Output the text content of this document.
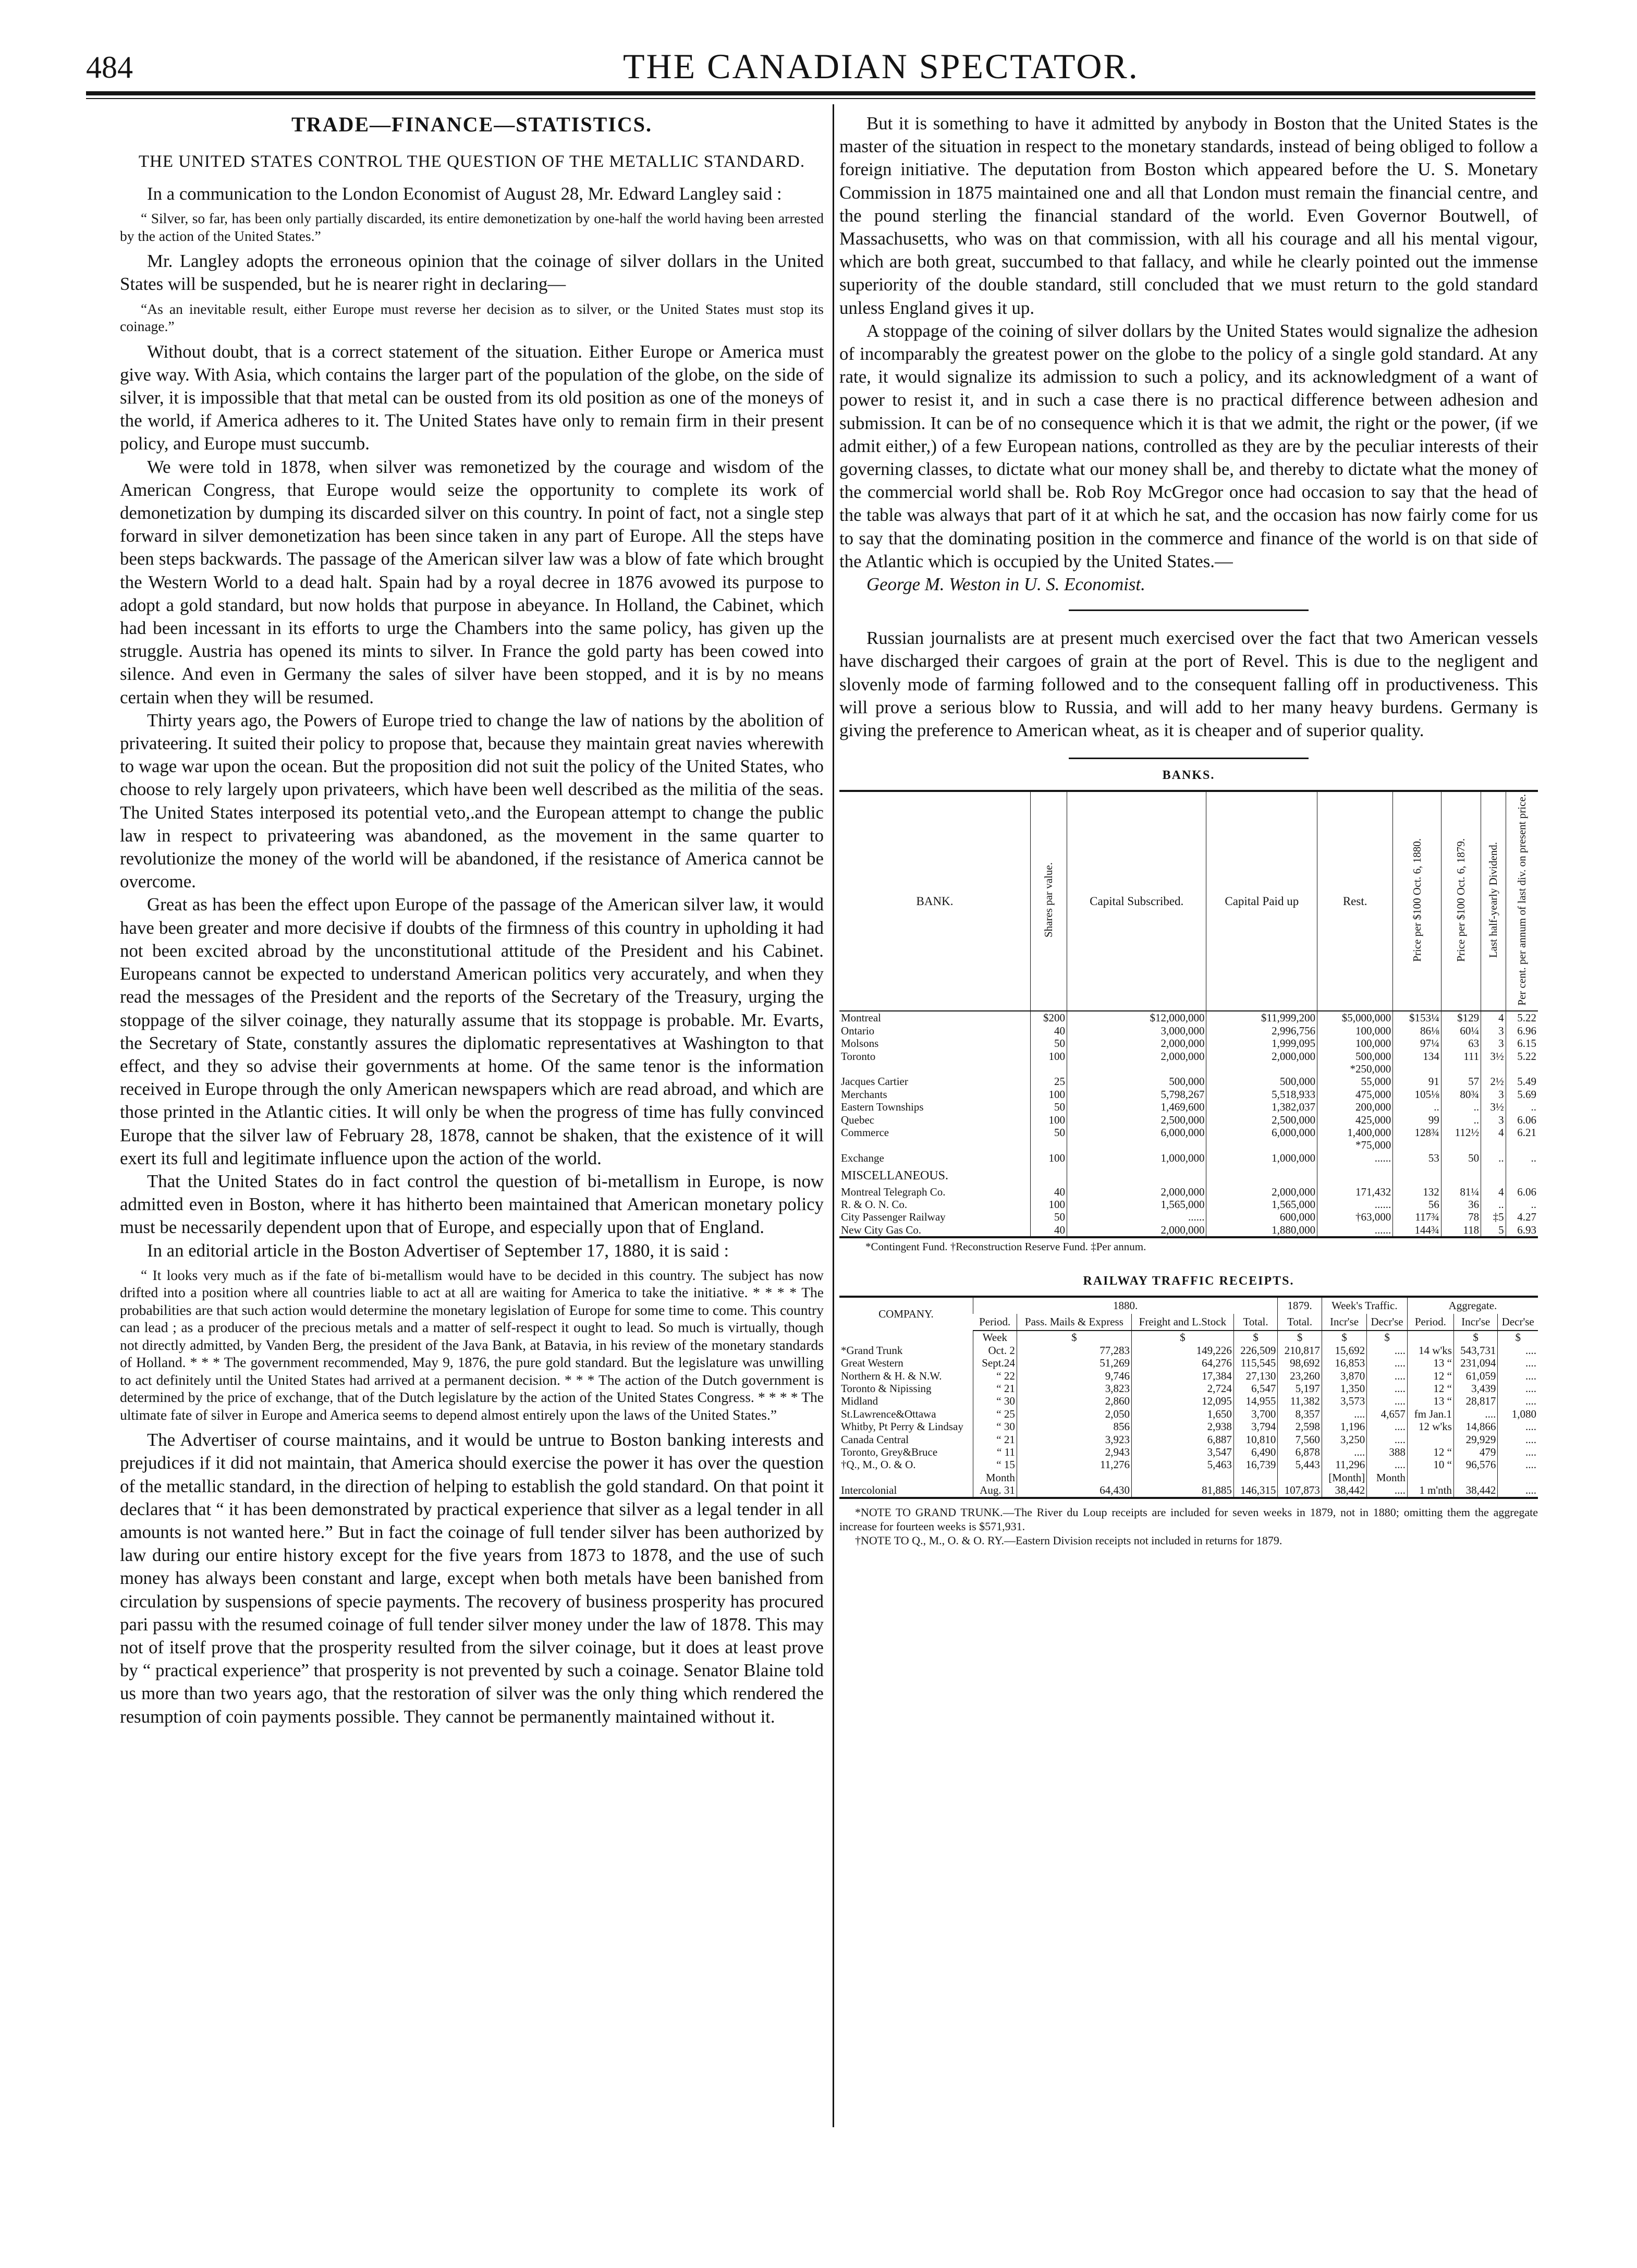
484	THE CANADIAN SPECTATOR.
TRADE—FINANCE—STATISTICS.
THE UNITED STATES CONTROL THE QUESTION OF THE METALLIC STANDARD.

In a communication to the London Economist of August 28, Mr. Edward Langley said :

“ Silver, so far, has been only partially discarded, its entire demonetization by one-half the world having been arrested by the action of the United States.”

Mr. Langley adopts the erroneous opinion that the coinage of silver dollars in the United States will be suspended, but he is nearer right in declaring—

“As an inevitable result, either Europe must reverse her decision as to silver, or the United States must stop its coinage.”

Without doubt, that is a correct statement of the situation. Either Europe or America must give way. With Asia, which contains the larger part of the population of the globe, on the side of silver, it is impossible that that metal can be ousted from its old position as one of the moneys of the world, if America adheres to it. The United States have only to remain firm in their present policy, and Europe must succumb.

We were told in 1878, when silver was remonetized by the courage and wisdom of the American Congress, that Europe would seize the opportunity to complete its work of demonetization by dumping its discarded silver on this country. In point of fact, not a single step forward in silver demonetization has been since taken in any part of Europe. All the steps have been steps backwards. The passage of the American silver law was a blow of fate which brought the Western World to a dead halt. Spain had by a royal decree in 1876 avowed its purpose to adopt a gold standard, but now holds that purpose in abeyance. In Holland, the Cabinet, which had been incessant in its efforts to urge the Chambers into the same policy, has given up the struggle. Austria has opened its mints to silver. In France the gold party has been cowed into silence. And even in Germany the sales of silver have been stopped, and it is by no means certain when they will be resumed.

Thirty years ago, the Powers of Europe tried to change the law of nations by the abolition of privateering. It suited their policy to propose that, because they maintain great navies wherewith to wage war upon the ocean. But the proposition did not suit the policy of the United States, who choose to rely largely upon privateers, which have been well described as the militia of the seas. The United States interposed its potential veto,.and the European attempt to change the public law in respect to privateering was abandoned, as the movement in the same quarter to revolutionize the money of the world will be abandoned, if the resistance of America cannot be overcome.

Great as has been the effect upon Europe of the passage of the American silver law, it would have been greater and more decisive if doubts of the firmness of this country in upholding it had not been excited abroad by the unconstitutional attitude of the President and his Cabinet. Europeans cannot be expected to understand American politics very accurately, and when they read the messages of the President and the reports of the Secretary of the Treasury, urging the stoppage of the silver coinage, they naturally assume that its stoppage is probable. Mr. Evarts, the Secretary of State, constantly assures the diplomatic representatives at Washington to that effect, and they so advise their governments at home. Of the same tenor is the information received in Europe through the only American newspapers which are read abroad, and which are those printed in the Atlantic cities. It will only be when the progress of time has fully convinced Europe that the silver law of February 28, 1878, cannot be shaken, that the existence of it will exert its full and legitimate influence upon the action of the world.

That the United States do in fact control the question of bi-metallism in Europe, is now admitted even in Boston, where it has hitherto been maintained that American monetary policy must be necessarily dependent upon that of Europe, and especially upon that of England.

In an editorial article in the Boston Advertiser of September 17, 1880, it is said :

“ It looks very much as if the fate of bi-metallism would have to be decided in this country. The subject has now drifted into a position where all countries liable to act at all are waiting for America to take the initiative. * * * * The probabilities are that such action would determine the monetary legislation of Europe for some time to come. This country can lead ; as a producer of the precious metals and a matter of self-respect it ought to lead. So much is virtually, though not directly admitted, by Vanden Berg, the president of the Java Bank, at Batavia, in his review of the monetary standards of Holland. * * * The government recommended, May 9, 1876, the pure gold standard. But the legislature was unwilling to act definitely until the United States had arrived at a permanent decision. * * * The action of the Dutch government is determined by the price of exchange, that of the Dutch legislature by the action of the United States Congress. * * * * The ultimate fate of silver in Europe and America seems to depend almost entirely upon the laws of the United States.”

The Advertiser of course maintains, and it would be untrue to Boston banking interests and prejudices if it did not maintain, that America should exercise the power it has over the question of the metallic standard, in the direction of helping to establish the gold standard. On that point it declares that “ it has been demonstrated by practical experience that silver as a legal tender in all amounts is not wanted here.” But in fact the coinage of full tender silver has been authorized by law during our entire history except for the five years from 1873 to 1878, and the use of such money has always been constant and large, except when both metals have been banished from circulation by suspensions of specie payments. The recovery of business prosperity has procured pari passu with the resumed coinage of full tender silver money under the law of 1878. This may not of itself prove that the prosperity resulted from the silver coinage, but it does at least prove by “ practical experience” that prosperity is not prevented by such a coinage. Senator Blaine told us more than two years ago, that the restoration of silver was the only thing which rendered the resumption of coin payments possible. They cannot be permanently maintained without it.

But it is something to have it admitted by anybody in Boston that the United States is the master of the situation in respect to the monetary standards, instead of being obliged to follow a foreign initiative. The deputation from Boston which appeared before the U. S. Monetary Commission in 1875 maintained one and all that London must remain the financial centre, and the pound sterling the financial standard of the world. Even Governor Boutwell, of Massachusetts, who was on that commission, with all his courage and all his mental vigour, which are both great, succumbed to that fallacy, and while he clearly pointed out the immense superiority of the double standard, still concluded that we must return to the gold standard unless England gives it up.

A stoppage of the coining of silver dollars by the United States would signalize the adhesion of incomparably the greatest power on the globe to the policy of a single gold standard. At any rate, it would signalize its admission to such a policy, and its acknowledgment of a want of power to resist it, and in such a case there is no practical difference between adhesion and submission. It can be of no consequence which it is that we admit, the right or the power, (if we admit either,) of a few European nations, controlled as they are by the peculiar interests of their governing classes, to dictate what our money shall be, and thereby to dictate what the money of the commercial world shall be. Rob Roy McGregor once had occasion to say that the head of the table was always that part of it at which he sat, and the occasion has now fairly come for us to say that the dominating position in the commerce and finance of the world is on that side of the Atlantic which is occupied by the United States.—

George M. Weston in U. S. Economist.

Russian journalists are at present much exercised over the fact that two American vessels have discharged their cargoes of grain at the port of Revel. This is due to the negligent and slovenly mode of farming followed and to the consequent falling off in productiveness. This will prove a serious blow to Russia, and will add to her many heavy burdens. Germany is giving the preference to American wheat, as it is cheaper and of superior quality.

BANKS.
BANK.	Shares par value.	Capital Subscribed.	Capital Paid up	Rest.	Price per $100 Oct. 6, 1880.	Price per $100 Oct. 6, 1879.	Last half-yearly Dividend.	Per cent. per annum of last div. on present price.
Montreal	$200	$12,000,000	$11,999,200	$5,000,000	$153¼	$129	4	5.22
Ontario	40	3,000,000	2,996,756	100,000	86⅛	60¼	3	6.96
Molsons	50	2,000,000	1,999,095	100,000	97¼	63	3	6.15
Toronto	100	2,000,000	2,000,000	500,000	134	111	3½	5.22
				*250,000				
Jacques Cartier	25	500,000	500,000	55,000	91	57	2½	5.49
Merchants	100	5,798,267	5,518,933	475,000	105⅛	80¾	3	5.69
Eastern Townships	50	1,469,600	1,382,037	200,000	..	..	3½	..
Quebec	100	2,500,000	2,500,000	425,000	99	..	3	6.06
Commerce	50	6,000,000	6,000,000	1,400,000	128¾	112½	4	6.21
				*75,000				
Exchange	100	1,000,000	1,000,000	......	53	50	..	..
MISCELLANEOUS.								
Montreal Telegraph Co.	40	2,000,000	2,000,000	171,432	132	81¼	4	6.06
R. & O. N. Co.	100	1,565,000	1,565,000	......	56	36	..	..
City Passenger Railway	50	......	600,000	†63,000	117¾	78	‡5	4.27
New City Gas Co.	40	2,000,000	1,880,000	......	144¾	118	5	6.93
*Contingent Fund. †Reconstruction Reserve Fund. ‡Per annum.
RAILWAY TRAFFIC RECEIPTS.
COMPANY.	1880.				1879.	Week's Traffic.		Aggregate.		
	Period.	Pass. Mails & Express	Freight and L.Stock	Total.	Total.	Incr'se	Decr'se	Period.	Incr'se	Decr'se
	Week	$	$	$	$	$	$		$	$
*Grand Trunk	Oct. 2	77,283	149,226	226,509	210,817	15,692	....	14 w'ks	543,731	....
Great Western	Sept.24	51,269	64,276	115,545	98,692	16,853	....	13 “	231,094	....
Northern & H. & N.W.	“ 22	9,746	17,384	27,130	23,260	3,870	....	12 “	61,059	....
Toronto & Nipissing	“ 21	3,823	2,724	6,547	5,197	1,350	....	12 “	3,439	....
Midland	“ 30	2,860	12,095	14,955	11,382	3,573	....	13 “	28,817	....
St.Lawrence&Ottawa	“ 25	2,050	1,650	3,700	8,357	....	4,657	fm Jan.1	....	1,080
Whitby, Pt Perry & Lindsay	“ 30	856	2,938	3,794	2,598	1,196	....	12 w'ks	14,866	....
Canada Central	“ 21	3,923	6,887	10,810	7,560	3,250	....		29,929	....
Toronto, Grey&Bruce	“ 11	2,943	3,547	6,490	6,878	....	388	12 “	479	....
†Q., M., O. & O.	“ 15	11,276	5,463	16,739	5,443	11,296	....	10 “	96,576	....
	Month					[Month]	Month			
Intercolonial	Aug. 31	64,430	81,885	146,315	107,873	38,442	....	1 m'nth	38,442	....

*NOTE TO GRAND TRUNK.—The River du Loup receipts are included for seven weeks in 1879, not in 1880; omitting them the aggregate increase for fourteen weeks is $571,931.

†NOTE TO Q., M., O. & O. RY.—Eastern Division receipts not included in returns for 1879.
